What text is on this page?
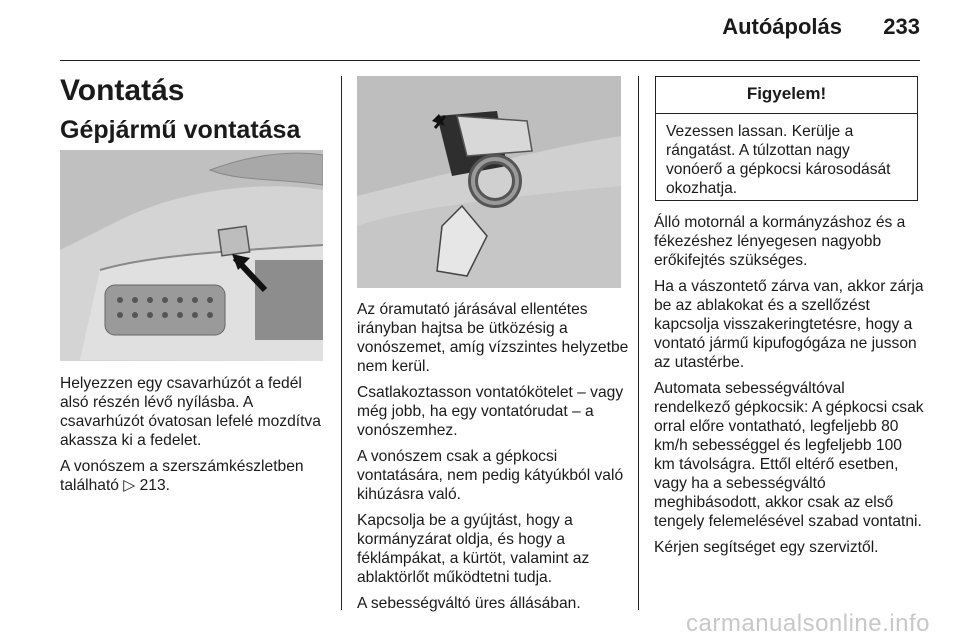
Autóápolás 233
Vontatás
Gépjármű vontatása

Helyezzen egy csavarhúzót a fedél alsó részén lévő nyílásba. A csavarhúzót óvatosan lefelé mozdítva akassza ki a fedelet.

A vonószem a szerszámkészletben található ▷ 213.

Az óramutató járásával ellentétes irányban hajtsa be ütközésig a vonószemet, amíg vízszintes helyzetbe nem kerül.

Csatlakoztasson vontatókötelet – vagy még jobb, ha egy vontatórudat – a vonószemhez.

A vonószem csak a gépkocsi vontatására, nem pedig kátyúkból való kihúzásra való.

Kapcsolja be a gyújtást, hogy a kormányzárat oldja, és hogy a féklámpákat, a kürtöt, valamint az ablaktörlőt működtetni tudja.

A sebességváltó üres állásában.

Figyelem!
Vezessen lassan. Kerülje a rángatást. A túlzottan nagy vonóerő a gépkocsi károsodását okozhatja.

Álló motornál a kormányzáshoz és a fékezéshez lényegesen nagyobb erőkifejtés szükséges.

Ha a vászontető zárva van, akkor zárja be az ablakokat és a szellőzést kapcsolja visszakeringtetésre, hogy a vontató jármű kipufogógáza ne jusson az utastérbe.

Automata sebességváltóval rendelkező gépkocsik: A gépkocsi csak orral előre vontatható, legfeljebb 80 km/h sebességgel és legfeljebb 100 km távolságra. Ettől eltérő esetben, vagy ha a sebességváltó meghibásodott, akkor csak az első tengely felemelésével szabad vontatni.

Kérjen segítséget egy szerviztől.

carmanualsonline.info
